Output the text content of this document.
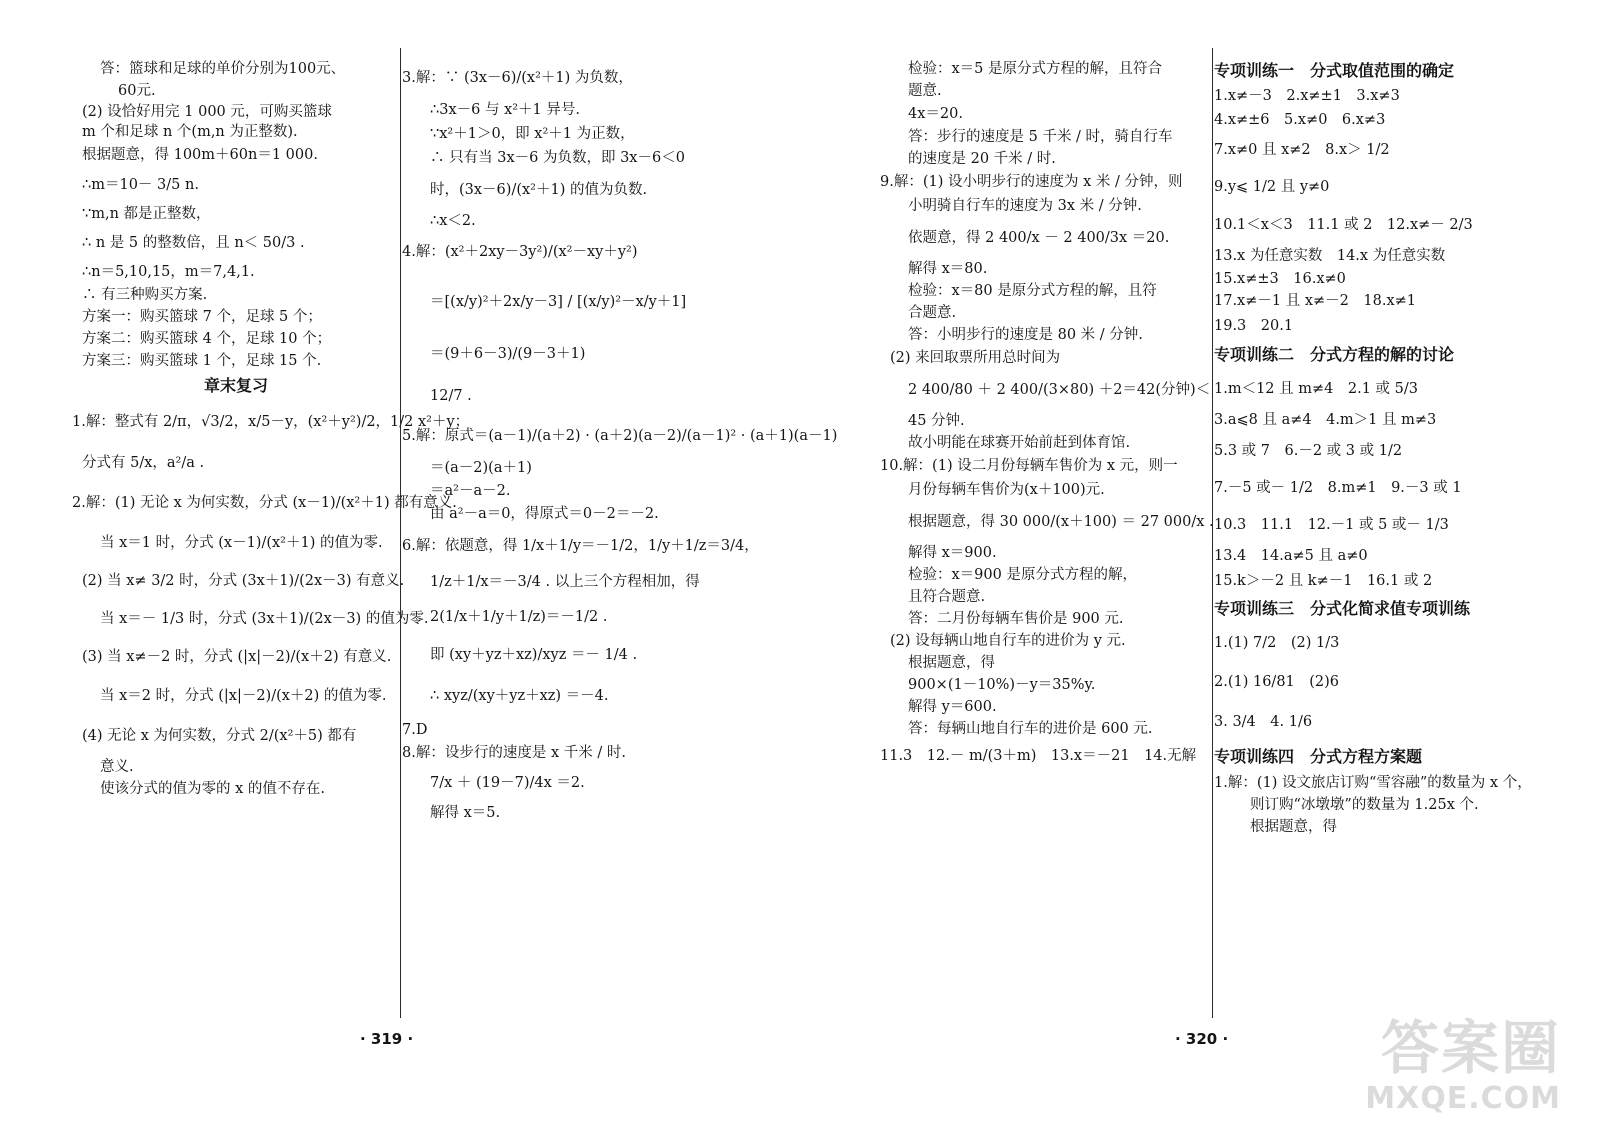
答：篮球和足球的单价分别为100元、
60元.
(2) 设恰好用完 1 000 元，可购买篮球
m 个和足球 n 个(m,n 为正整数).
根据题意，得 100m＋60n＝1 000.
∴m＝10－ 3/5 n.
∵m,n 都是正整数，
∴ n 是 5 的整数倍，且 n＜ 50/3 .
∴n＝5,10,15，m＝7,4,1.
∴ 有三种购买方案.
方案一：购买篮球 7 个，足球 5 个；
方案二：购买篮球 4 个，足球 10 个；
方案三：购买篮球 1 个，足球 15 个.
章末复习
1.解：整式有 2/π，√3/2，x/5－y，(x²＋y²)/2，1/2 x²＋y；
分式有 5/x，a²/a .
2.解：(1) 无论 x 为何实数，分式 (x－1)/(x²＋1) 都有意义.
当 x＝1 时，分式 (x－1)/(x²＋1) 的值为零.
(2) 当 x≠ 3/2 时，分式 (3x＋1)/(2x－3) 有意义.
当 x＝－ 1/3 时，分式 (3x＋1)/(2x－3) 的值为零.
(3) 当 x≠－2 时，分式 (|x|－2)/(x＋2) 有意义.
当 x＝2 时，分式 (|x|－2)/(x＋2) 的值为零.
(4) 无论 x 为何实数，分式 2/(x²＋5) 都有
意义.
使该分式的值为零的 x 的值不存在.
3.解：∵ (3x－6)/(x²＋1) 为负数，
∴3x－6 与 x²＋1 异号.
∵x²＋1＞0，即 x²＋1 为正数，
∴ 只有当 3x－6 为负数，即 3x－6＜0
时，(3x－6)/(x²＋1) 的值为负数.
∴x＜2.
4.解：(x²＋2xy－3y²)/(x²－xy＋y²)
＝[(x/y)²＋2x/y－3] / [(x/y)²－x/y＋1]
＝(9＋6－3)/(9－3＋1)
12/7 .
5.解：原式＝(a－1)/(a＋2) · (a＋2)(a－2)/(a－1)² · (a＋1)(a－1)
＝(a－2)(a＋1)
＝a²－a－2.
由 a²－a＝0，得原式＝0－2＝－2.
6.解：依题意，得 1/x＋1/y＝－1/2，1/y＋1/z＝3/4，
1/z＋1/x＝－3/4 . 以上三个方程相加，得
2(1/x＋1/y＋1/z)＝－1/2 .
即 (xy＋yz＋xz)/xyz ＝－ 1/4 .
∴ xyz/(xy＋yz＋xz) ＝－4.
7.D
8.解：设步行的速度是 x 千米 / 时.
7/x ＋ (19－7)/4x ＝2.
解得 x＝5.
· 319 ·
检验：x＝5 是原分式方程的解，且符合
题意.
4x＝20.
答：步行的速度是 5 千米 / 时，骑自行车
的速度是 20 千米 / 时.
9.解：(1) 设小明步行的速度为 x 米 / 分钟，则
小明骑自行车的速度为 3x 米 / 分钟.
依题意，得 2 400/x － 2 400/3x ＝20.
解得 x＝80.
检验：x＝80 是原分式方程的解，且符
合题意.
答：小明步行的速度是 80 米 / 分钟.
(2) 来回取票所用总时间为
2 400/80 ＋ 2 400/(3×80) ＋2＝42(分钟)＜
45 分钟.
故小明能在球赛开始前赶到体育馆.
10.解：(1) 设二月份每辆车售价为 x 元，则一
月份每辆车售价为(x＋100)元.
根据题意，得 30 000/(x＋100) ＝ 27 000/x .
解得 x＝900.
检验：x＝900 是原分式方程的解，
且符合题意.
答：二月份每辆车售价是 900 元.
(2) 设每辆山地自行车的进价为 y 元.
根据题意，得
900×(1－10%)－y＝35%y.
解得 y＝600.
答：每辆山地自行车的进价是 600 元.
11.3　12.－ m/(3＋m)　13.x＝－21　14.无解
专项训练一　分式取值范围的确定
1.x≠－3　2.x≠±1　3.x≠3
4.x≠±6　5.x≠0　6.x≠3
7.x≠0 且 x≠2　8.x＞ 1/2
9.y⩽ 1/2 且 y≠0
10.1＜x＜3　11.1 或 2　12.x≠－ 2/3
13.x 为任意实数　14.x 为任意实数
15.x≠±3　16.x≠0
17.x≠－1 且 x≠－2　18.x≠1
19.3　20.1
专项训练二　分式方程的解的讨论
1.m＜12 且 m≠4　2.1 或 5/3
3.a⩽8 且 a≠4　4.m＞1 且 m≠3
5.3 或 7　6.－2 或 3 或 1/2
7.－5 或－ 1/2　8.m≠1　9.－3 或 1
10.3　11.1　12.－1 或 5 或－ 1/3
13.4　14.a≠5 且 a≠0
15.k＞－2 且 k≠－1　16.1 或 2
专项训练三　分式化简求值专项训练
1.(1) 7/2　(2) 1/3
2.(1) 16/81　(2)6
3. 3/4　4. 1/6
专项训练四　分式方程方案题
1.解：(1) 设文旅店订购“雪容融”的数量为 x 个，
则订购“冰墩墩”的数量为 1.25x 个.
根据题意，得
· 320 ·	答案圈
MXQE.COM
